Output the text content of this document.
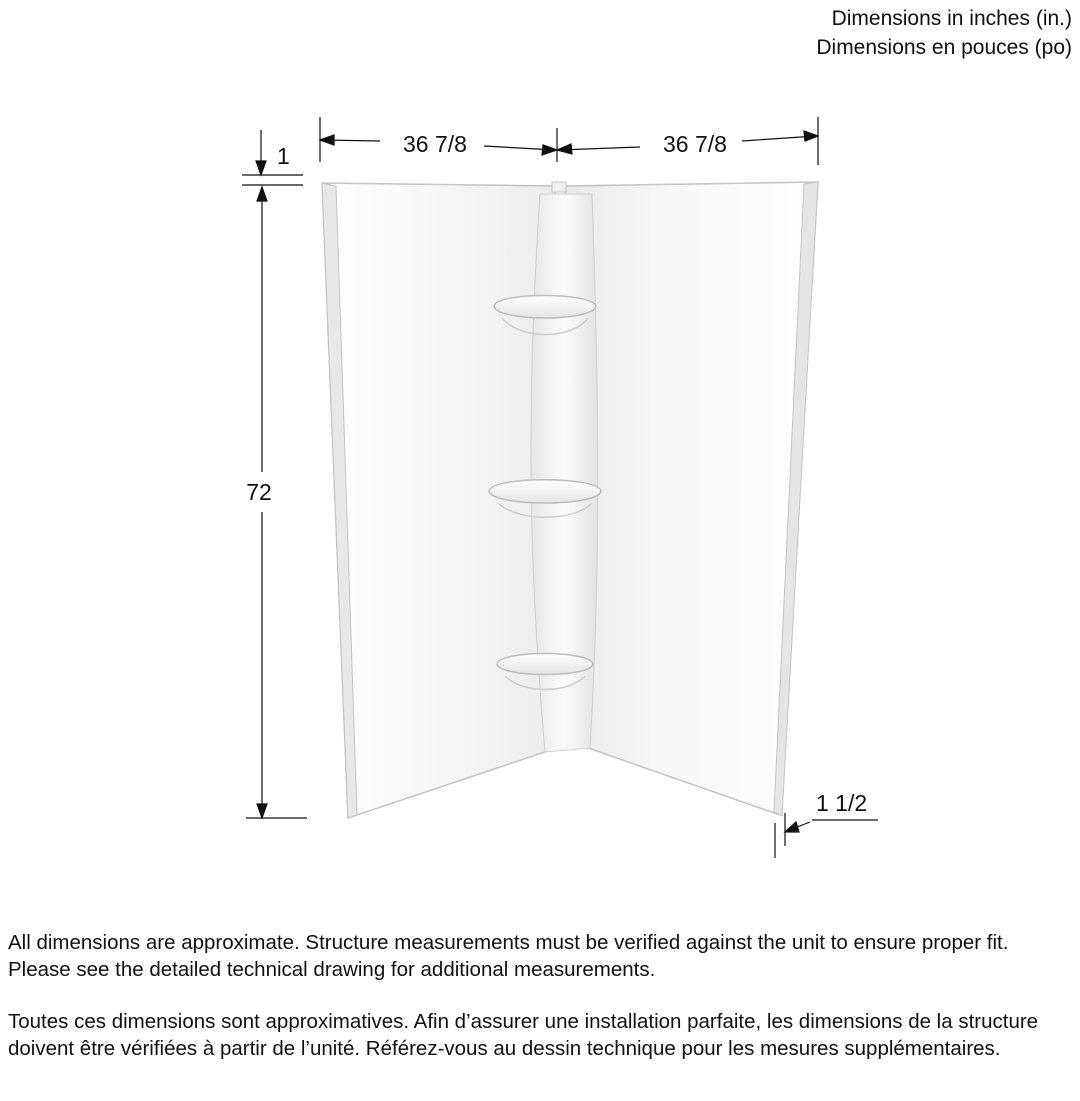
Dimensions in inches (in.)
Dimensions en pouces (po)
36 7/8	36 7/8
1
72
1 1/2

All dimensions are approximate. Structure measurements must be verified against the unit to ensure proper fit. Please see the detailed technical drawing for additional measurements.

Toutes ces dimensions sont approximatives. Afin d’assurer une installation parfaite, les dimensions de la structure doivent être vérifiées à partir de l’unité. Référez-vous au dessin technique pour les mesures supplémentaires.
